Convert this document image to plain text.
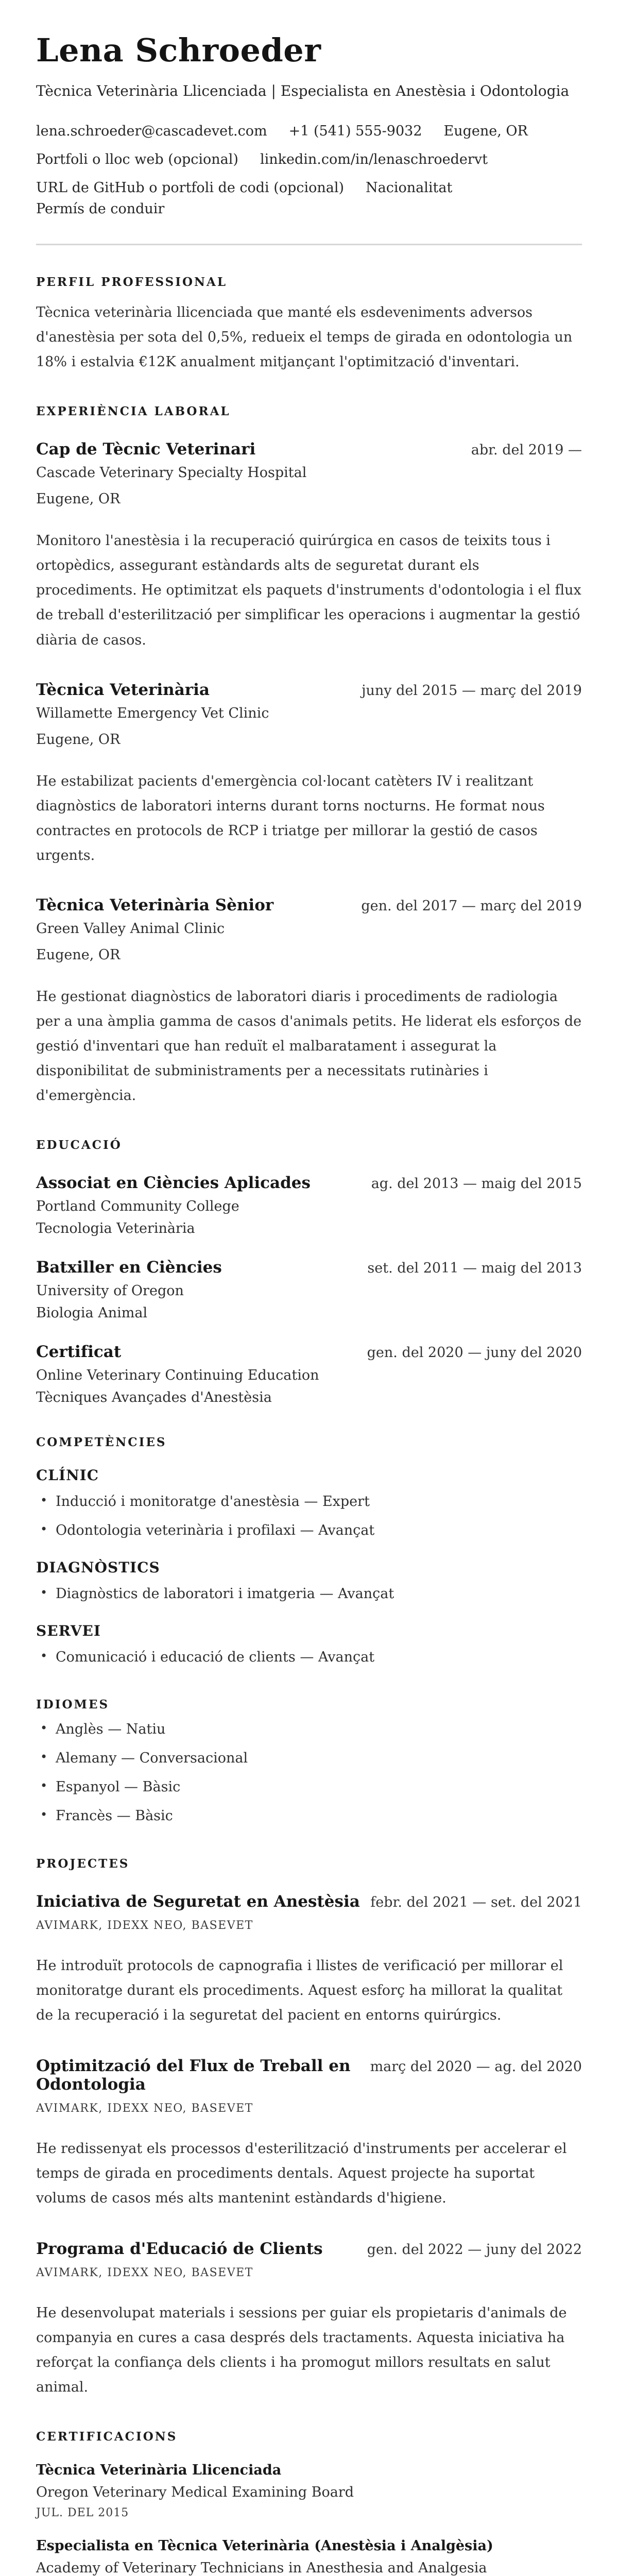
Lena Schroeder
Tècnica Veterinària Llicenciada | Especialista en Anestèsia i Odontologia
lena.schroeder@cascadevet.com +1 (541) 555-9032 Eugene, OR
Portfoli o lloc web (opcional) linkedin.com/in/lenaschroedervt
URL de GitHub o portfoli de codi (opcional) Nacionalitat
Permís de conduir
PERFIL PROFESSIONAL

Tècnica veterinària llicenciada que manté els esdeveniments adversos d'anestèsia per sota del 0,5%, redueix el temps de girada en odontologia un 18% i estalvia €12K anualment mitjançant l'optimització d'inventari.

EXPERIÈNCIA LABORAL
Cap de Tècnic Veterinari	abr. del 2019 —
Cascade Veterinary Specialty Hospital
Eugene, OR

Monitoro l'anestèsia i la recuperació quirúrgica en casos de teixits tous i ortopèdics, assegurant estàndards alts de seguretat durant els procediments. He optimitzat els paquets d'instruments d'odontologia i el flux de treball d'esterilització per simplificar les operacions i augmentar la gestió diària de casos.

Tècnica Veterinària	juny del 2015 — març del 2019
Willamette Emergency Vet Clinic
Eugene, OR

He estabilizat pacients d'emergència col·locant catèters IV i realitzant diagnòstics de laboratori interns durant torns nocturns. He format nous contractes en protocols de RCP i triatge per millorar la gestió de casos urgents.

Tècnica Veterinària Sènior	gen. del 2017 — març del 2019
Green Valley Animal Clinic
Eugene, OR

He gestionat diagnòstics de laboratori diaris i procediments de radiologia per a una àmplia gamma de casos d'animals petits. He liderat els esforços de gestió d'inventari que han reduït el malbaratament i assegurat la disponibilitat de subministraments per a necessitats rutinàries i d'emergència.

EDUCACIÓ
Associat en Ciències Aplicades	ag. del 2013 — maig del 2015
Portland Community College
Tecnologia Veterinària
Batxiller en Ciències	set. del 2011 — maig del 2013
University of Oregon
Biologia Animal
Certificat	gen. del 2020 — juny del 2020
Online Veterinary Continuing Education
Tècniques Avançades d'Anestèsia
COMPETÈNCIES
CLÍNIC
• Inducció i monitoratge d'anestèsia — Expert
• Odontologia veterinària i profilaxi — Avançat
DIAGNÒSTICS
• Diagnòstics de laboratori i imatgeria — Avançat
SERVEI
• Comunicació i educació de clients — Avançat
IDIOMES
• Anglès — Natiu
• Alemany — Conversacional
• Espanyol — Bàsic
• Francès — Bàsic
PROJECTES
Iniciativa de Seguretat en Anestèsia febr. del 2021 — set. del 2021
AVIMARK, IDEXX NEO, BASEVET

He introduït protocols de capnografia i llistes de verificació per millorar el monitoratge durant els procediments. Aquest esforç ha millorat la qualitat de la recuperació i la seguretat del pacient en entorns quirúrgics.

Optimització del Flux de Treball en Odontologia
març del 2020 — ag. del 2020
AVIMARK, IDEXX NEO, BASEVET

He redissenyat els processos d'esterilització d'instruments per accelerar el temps de girada en procediments dentals. Aquest projecte ha suportat volums de casos més alts mantenint estàndards d'higiene.

Programa d'Educació de Clients	gen. del 2022 — juny del 2022
AVIMARK, IDEXX NEO, BASEVET

He desenvolupat materials i sessions per guiar els propietaris d'animals de companyia en cures a casa després dels tractaments. Aquesta iniciativa ha reforçat la confiança dels clients i ha promogut millors resultats en salut animal.

CERTIFICACIONS
Tècnica Veterinària Llicenciada
Oregon Veterinary Medical Examining Board
JUL. DEL 2015
Especialista en Tècnica Veterinària (Anestèsia i Analgèsia)
Academy of Veterinary Technicians in Anesthesia and Analgesia
